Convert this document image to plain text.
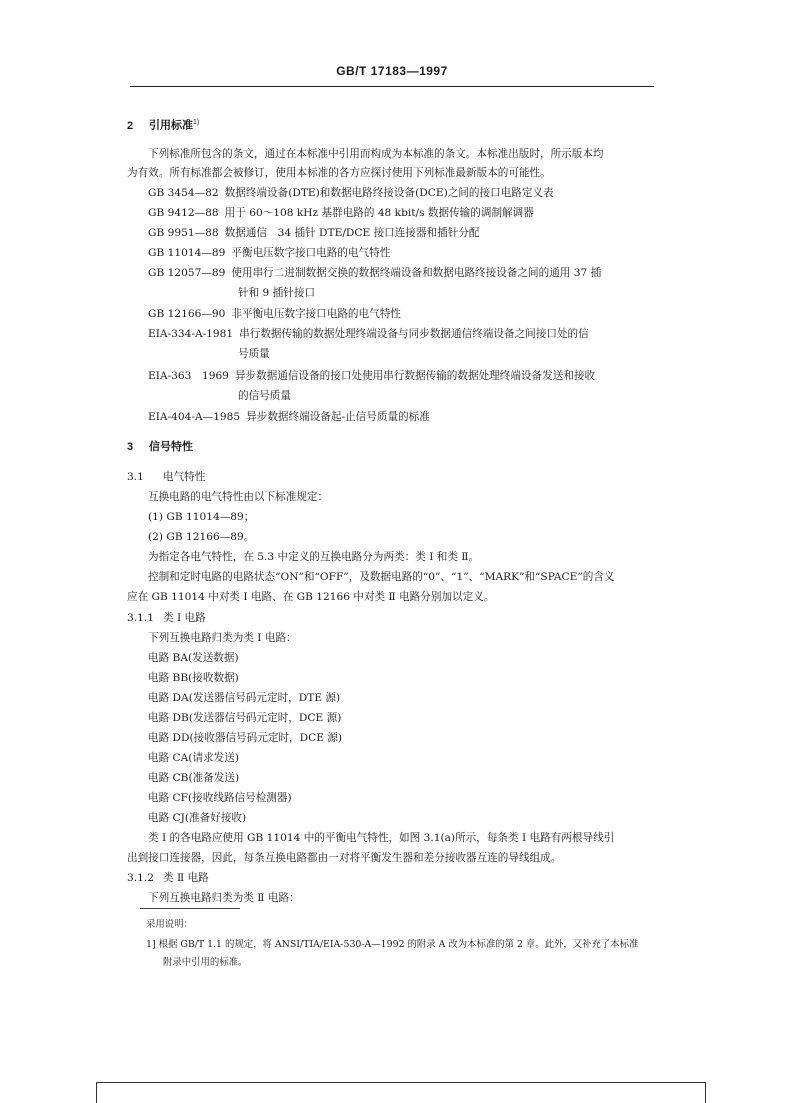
GB/T 17183—1997
2 引用标准$^{1)}$
下列标准所包含的条文，通过在本标准中引用而构成为本标准的条文。本标准出版时，所示版本均
为有效。所有标准都会被修订，使用本标准的各方应探讨使用下列标准最新版本的可能性。
GB 3454—82 数据终端设备(DTE)和数据电路终接设备(DCE)之间的接口电路定义表
GB 9412—88 用于 60～108 kHz 基群电路的 48 kbit/s 数据传输的调制解调器
GB 9951—88 数据通信　34 插针 DTE/DCE 接口连接器和插针分配
GB 11014—89 平衡电压数字接口电路的电气特性
GB 12057—89 使用串行二进制数据交换的数据终端设备和数据电路终接设备之间的通用 37 插
针和 9 插针接口
GB 12166—90 非平衡电压数字接口电路的电气特性
EIA-334-A-1981 串行数据传输的数据处理终端设备与同步数据通信终端设备之间接口处的信
号质量
EIA-363　1969 异步数据通信设备的接口处使用串行数据传输的数据处理终端设备发送和接收
的信号质量
EIA-404-A—1985 异步数据终端设备起-止信号质量的标准
3 信号特性
3.1 电气特性
互换电路的电气特性由以下标准规定：
(1) GB 11014—89；
(2) GB 12166—89。
为指定各电气特性，在 5.3 中定义的互换电路分为两类：类 Ⅰ 和类 Ⅱ。
控制和定时电路的电路状态“ON”和“OFF”，及数据电路的“0”、“1”、“MARK”和“SPACE”的含义
应在 GB 11014 中对类 Ⅰ 电路、在 GB 12166 中对类 Ⅱ 电路分别加以定义。
3.1.1 类 Ⅰ 电路
下列互换电路归类为类 Ⅰ 电路：
电路 BA(发送数据)
电路 BB(接收数据)
电路 DA(发送器信号码元定时，DTE 源)
电路 DB(发送器信号码元定时，DCE 源)
电路 DD(接收器信号码元定时，DCE 源)
电路 CA(请求发送)
电路 CB(准备发送)
电路 CF(接收线路信号检测器)
电路 CJ(准备好接收)
类 Ⅰ 的各电路应使用 GB 11014 中的平衡电气特性，如图 3.1(a)所示，每条类 Ⅰ 电路有两根导线引
出到接口连接器，因此，每条互换电路都由一对将平衡发生器和差分接收器互连的导线组成。
3.1.2 类 Ⅱ 电路
下列互换电路归类为类 Ⅱ 电路：
采用说明：
1] 根据 GB/T 1.1 的规定，将 ANSI/TIA/EIA-530-A—1992 的附录 A 改为本标准的第 2 章。此外，又补充了本标准
附录中引用的标准。
